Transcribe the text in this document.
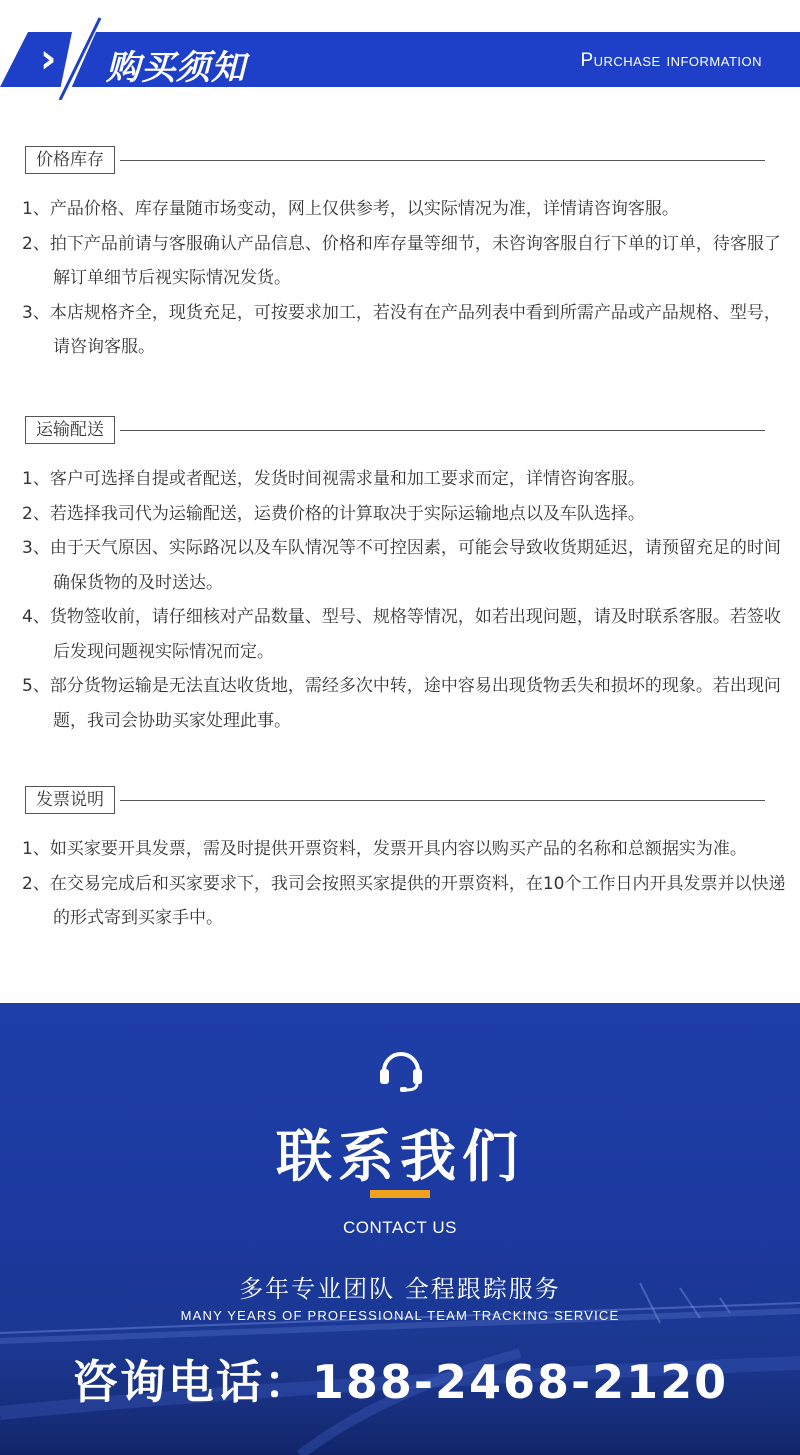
› 购买须知	Purchase information
价格库存
1、产品价格、库存量随市场变动，网上仅供参考，以实际情况为准，详情请咨询客服。
2、拍下产品前请与客服确认产品信息、价格和库存量等细节，未咨询客服自行下单的订单，待客服了解订单细节后视实际情况发货。
3、本店规格齐全，现货充足，可按要求加工，若没有在产品列表中看到所需产品或产品规格、型号，请咨询客服。
运输配送
1、客户可选择自提或者配送，发货时间视需求量和加工要求而定，详情咨询客服。
2、若选择我司代为运输配送，运费价格的计算取决于实际运输地点以及车队选择。
3、由于天气原因、实际路况以及车队情况等不可控因素，可能会导致收货期延迟，请预留充足的时间确保货物的及时送达。
4、货物签收前，请仔细核对产品数量、型号、规格等情况，如若出现问题，请及时联系客服。若签收后发现问题视实际情况而定。
5、部分货物运输是无法直达收货地，需经多次中转，途中容易出现货物丢失和损坏的现象。若出现问题，我司会协助买家处理此事。
发票说明
1、如买家要开具发票，需及时提供开票资料，发票开具内容以购买产品的名称和总额据实为准。
2、在交易完成后和买家要求下，我司会按照买家提供的开票资料，在10个工作日内开具发票并以快递的形式寄到买家手中。
联系我们
CONTACT US
多年专业团队 全程跟踪服务
MANY YEARS OF PROFESSIONAL TEAM TRACKING SERVICE
咨询电话：188-2468-2120
